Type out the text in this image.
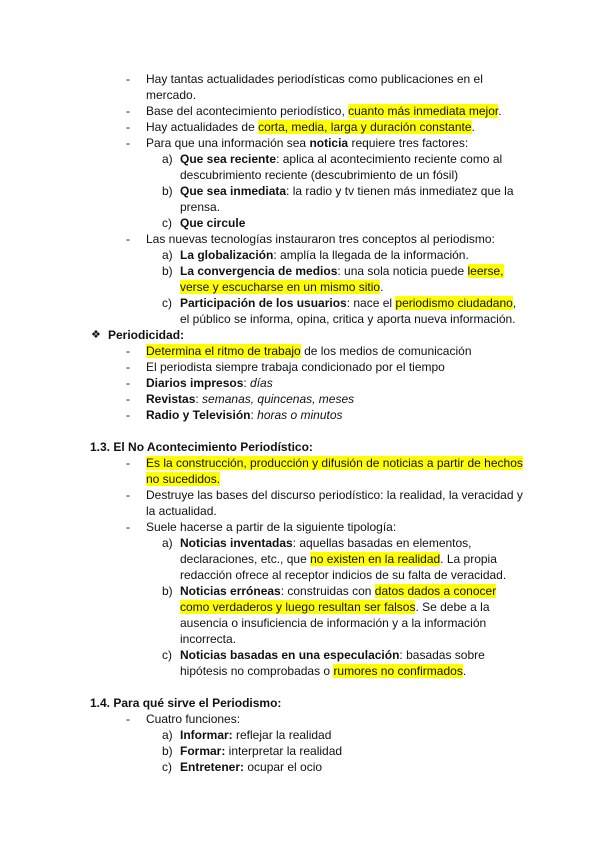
- Hay tantas actualidades periodísticas como publicaciones en el
mercado.
- Base del acontecimiento periodístico, cuanto más inmediata mejor.
- Hay actualidades de corta, media, larga y duración constante.
- Para que una información sea noticia requiere tres factores:
a) Que sea reciente: aplica al acontecimiento reciente como al
descubrimiento reciente (descubrimiento de un fósil)
b) Que sea inmediata: la radio y tv tienen más inmediatez que la
prensa.
c) Que circule
- Las nuevas tecnologías instauraron tres conceptos al periodismo:
a) La globalización: amplía la llegada de la información.
b) La convergencia de medios: una sola noticia puede leerse,
verse y escucharse en un mismo sitio.
c) Participación de los usuarios: nace el periodismo ciudadano,
el público se informa, opina, critica y aporta nueva información.
❖ Periodicidad:
- Determina el ritmo de trabajo de los medios de comunicación
- El periodista siempre trabaja condicionado por el tiempo
- Diarios impresos: días
- Revistas: semanas, quincenas, meses
- Radio y Televisión: horas o minutos
1.3. El No Acontecimiento Periodístico:
- Es la construcción, producción y difusión de noticias a partir de hechos
no sucedidos.
- Destruye las bases del discurso periodístico: la realidad, la veracidad y
la actualidad.
- Suele hacerse a partir de la siguiente tipología:
a) Noticias inventadas: aquellas basadas en elementos,
declaraciones, etc., que no existen en la realidad. La propia
redacción ofrece al receptor indicios de su falta de veracidad.
b) Noticias erróneas: construidas con datos dados a conocer
como verdaderos y luego resultan ser falsos. Se debe a la
ausencia o insuficiencia de información y a la información
incorrecta.
c) Noticias basadas en una especulación: basadas sobre
hipótesis no comprobadas o rumores no confirmados.
1.4. Para qué sirve el Periodismo:
- Cuatro funciones:
a) Informar: reflejar la realidad
b) Formar: interpretar la realidad
c) Entretener: ocupar el ocio
